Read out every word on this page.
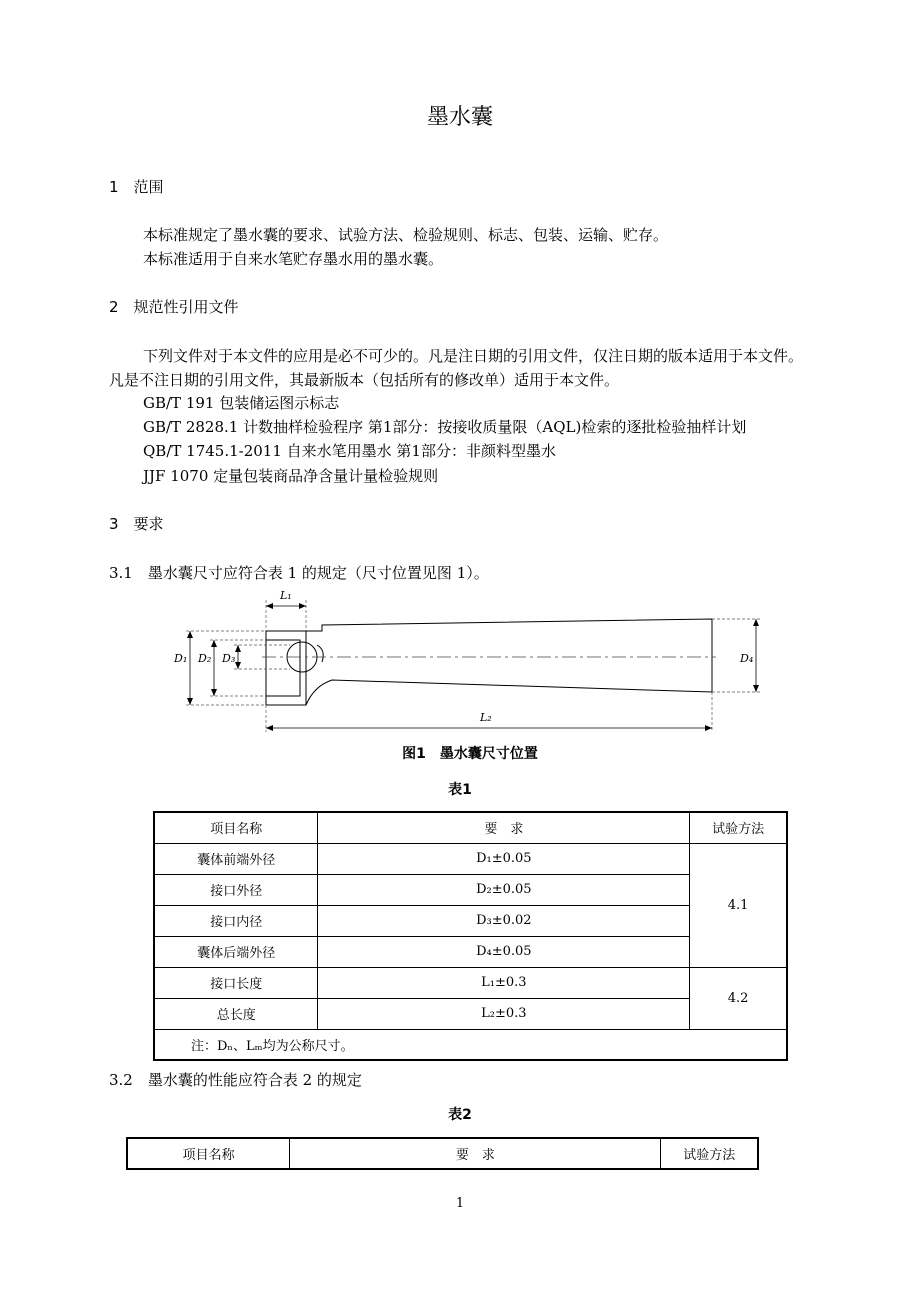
墨水囊
1　范围
本标准规定了墨水囊的要求、试验方法、检验规则、标志、包装、运输、贮存。
本标准适用于自来水笔贮存墨水用的墨水囊。
2　规范性引用文件
下列文件对于本文件的应用是必不可少的。凡是注日期的引用文件，仅注日期的版本适用于本文件。
凡是不注日期的引用文件，其最新版本（包括所有的修改单）适用于本文件。
GB/T 191 包装储运图示标志
GB/T 2828.1 计数抽样检验程序 第1部分：按接收质量限（AQL)检索的逐批检验抽样计划
QB/T 1745.1-2011 自来水笔用墨水 第1部分：非颜料型墨水
JJF 1070 定量包装商品净含量计量检验规则
3　要求
3.1　墨水囊尺寸应符合表 1 的规定（尺寸位置见图 1）。
L₁
L₂
D₁ D₂ D₃	D₄
图1　墨水囊尺寸位置
表1
项目名称	要　求	试验方法
囊体前端外径	D₁±0.05	4.1
接口外径	D₂±0.05	
接口内径	D₃±0.02	
囊体后端外径	D₄±0.05	
接口长度	L₁±0.3	4.2
总长度	L₂±0.3	
注：Dₙ、Lₘ均为公称尺寸。		
3.2　墨水囊的性能应符合表 2 的规定
表2
项目名称	要　求	试验方法
1
